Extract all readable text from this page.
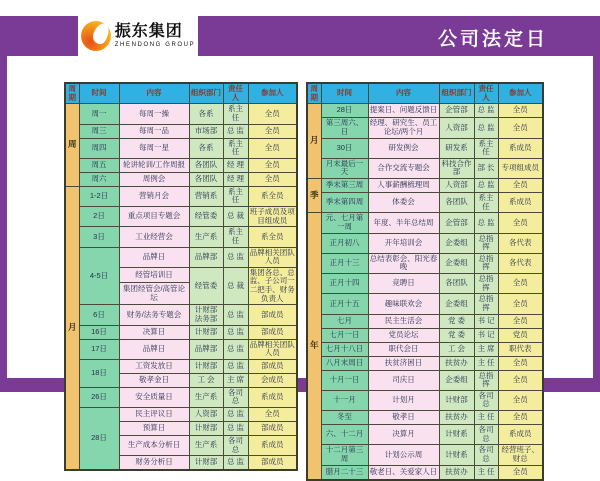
振东集团
ZHENDONG GROUP	公司法定日
周期	时间	内容	组织部门	责任人	参加人
周	周一	每周一操	各系	系主任	全员
	周三	每周一品	市场部	总 监	全员
	周四	每周一星	各系	系主任	全员
	周五	轮讲轮训/工作周报	各团队	经 理	全员
	周六	周例会	各团队	经 理	全员
月	1-2日	营销月会	营销系	系主任	系全员
	2日	重点项目专题会	经管委	总 裁	班子成员及项目组成员
	3日	工业经营会	生产系	系主任	系全员
	4-5日	品牌日	品牌部	总 监	品牌相关团队人员
		经管培训日	经管委	总 裁	集团各总、总监、子公司一二把手、财务负责人
		集团经管会/高管论坛			
	6日	财务/法务专题会	计财部 法务部	总 监	部成员
	16日	决算日	计财部	总 监	部成员
	17日	品牌日	品牌部	总 监	品牌相关团队人员
	18日	工资发放日	计财部	总 监	部成员
		敬孝金日	工 会	主 席	会成员
	26日	安全质量日	生产系	各司总	系成员
	28日	民主评议日	人资部	总 监	全员
		预算日	计财部	总 监	部成员
		生产成本分析日	生产系	各司总	系成员
		财务分析日	计财部	总 监	部成员
周期	时间	内容	组织部门	责任人	参加人
月	28日	提案日、问题反馈日	企管部	总 监	全员
	第三周六、日	经理、研究生、员工论坛/两个月	人资部	总 监	全员
	30日	研发例会	研发系	系主任	系成员
	月末最后一天	合作交流专题会	科技合作部	部 长	专项组成员
季	季末第三周	人事薪酬梳理周	人资部	总 监	全员
	季末第四周	体委会	各团队	系主任	系成员
年	元、七月第一周	年度、半年总结周	企管部	总 监	全员
	正月初八	开年培训会	企委组	总指挥	各代表
	正月十三	总结表彰会、阳光春晚	企委组	总指挥	各代表
	正月十四	竞聘日	各团队	总指挥	全员
	正月十五	趣味联欢会	企委组	总指挥	全员
	七月	民主生活会	党 委	书 记	全员
	七月一日	党员论坛	党 委	书 记	党员
	七月十八日	职代会日	工 会	主 席	职代表
	八月末周日	扶贫济困日	扶贫办	主 任	全员
	十月一日	司庆日	企委组	总指挥	全员
	十一月	计划月	计财部	各司总	全员
	冬至	敬孝日	扶贫办	主 任	全员
	六、十二月	决算月	计财系	各司总	系成员
	十二月第三周	计划公示周	计财系	各司总	经营班子、财总
	腊月二十三	敬老日、关爱家人日	扶贫办	主 任	全员
